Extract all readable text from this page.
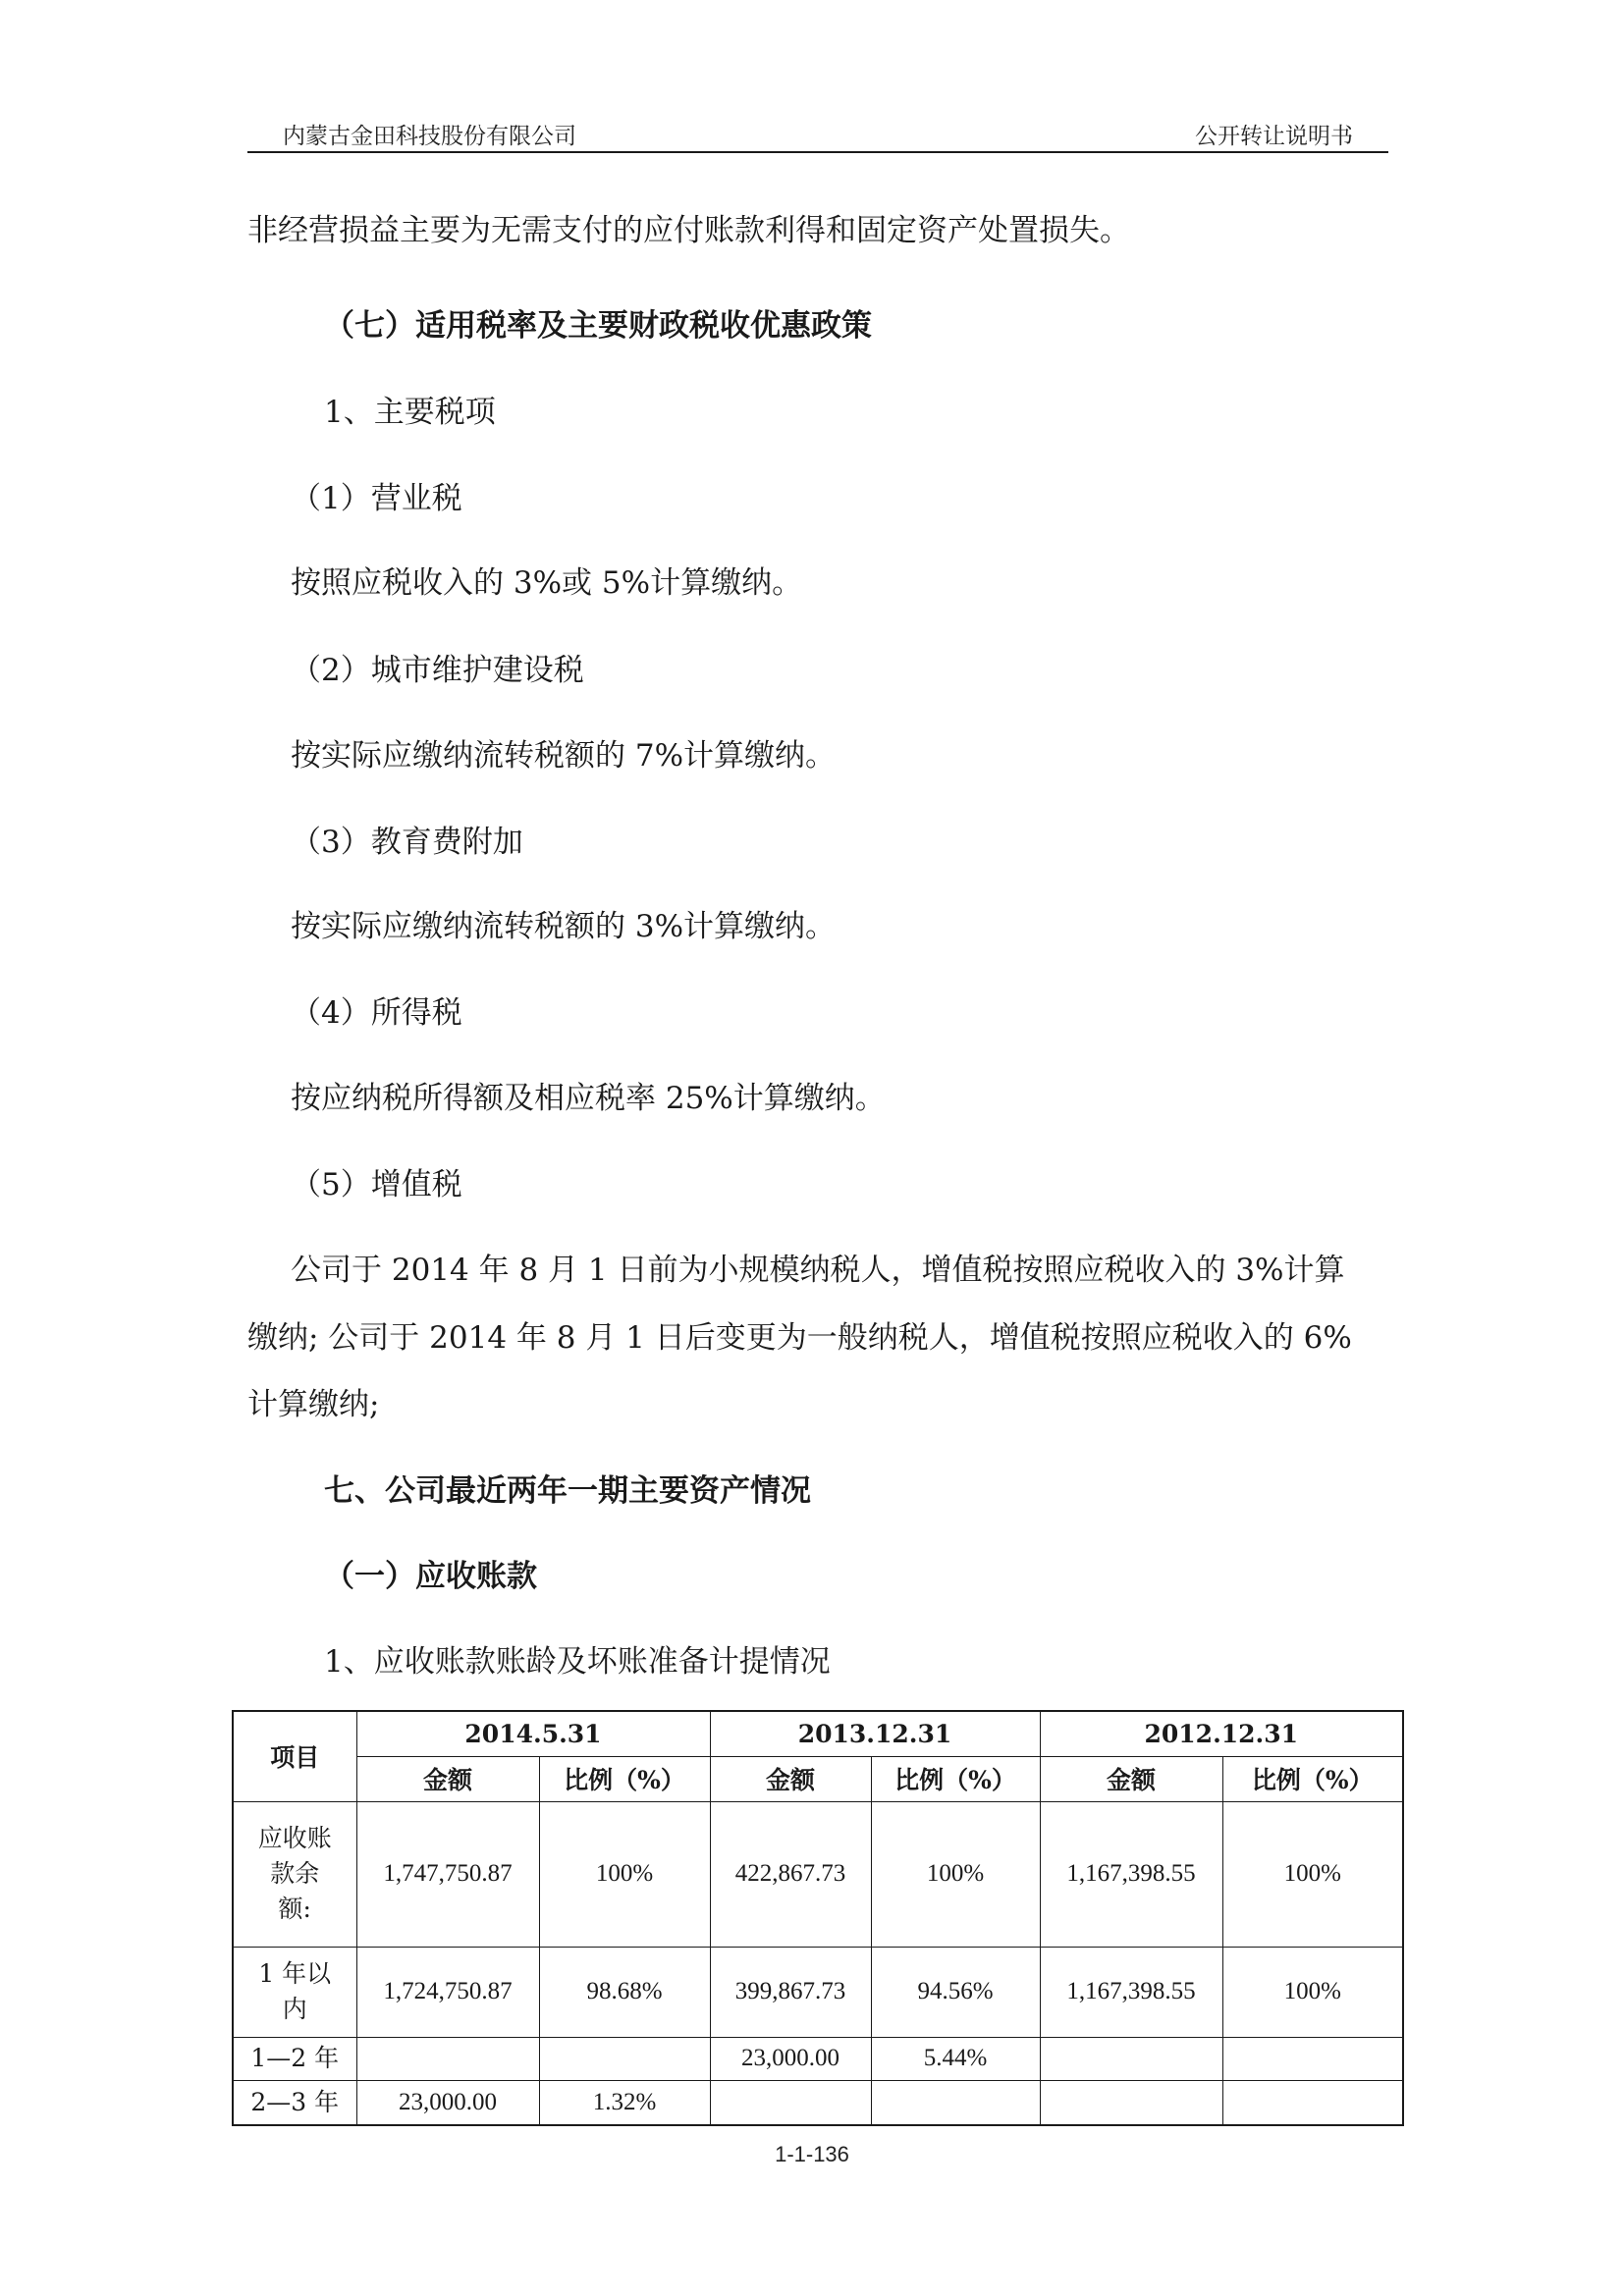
内蒙古金田科技股份有限公司	公开转让说明书
非经营损益主要为无需支付的应付账款利得和固定资产处置损失。
（七）适用税率及主要财政税收优惠政策
1、主要税项
（1）营业税
按照应税收入的 3%或 5%计算缴纳。
（2）城市维护建设税
按实际应缴纳流转税额的 7%计算缴纳。
（3）教育费附加
按实际应缴纳流转税额的 3%计算缴纳。
（4）所得税
按应纳税所得额及相应税率 25%计算缴纳。
（5）增值税
公司于 2014 年 8 月 1 日前为小规模纳税人，增值税按照应税收入的 3%计算
缴纳; 公司于 2014 年 8 月 1 日后变更为一般纳税人，增值税按照应税收入的 6%
计算缴纳;
七、公司最近两年一期主要资产情况
（一）应收账款
1、应收账款账龄及坏账准备计提情况
项目	2014.5.31		2013.12.31		2012.12.31	
	金额	比例（%）	金额	比例（%）	金额	比例（%）

应收账
款余
额:	1,747,750.87	100%	422,867.73	100%	1,167,398.55	100%

1 年以
内	1,724,750.87	98.68%	399,867.73	94.56%	1,167,398.55	100%
1—2 年			23,000.00	5.44%		
2—3 年	23,000.00	1.32%				
1-1-136
